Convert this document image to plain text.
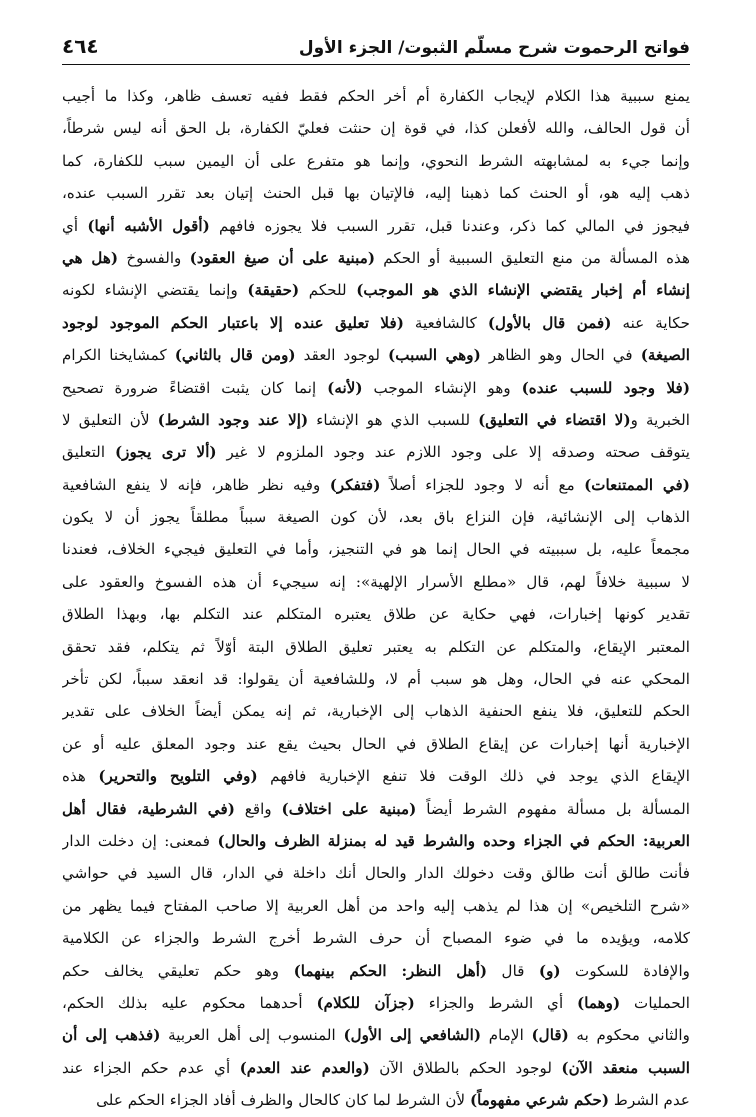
فواتح الرحموت شرح مسلّم الثبوت/ الجزء الأول
٤٦٤
يمنع سببية هذا الكلام لإيجاب الكفارة أم أخر الحكم فقط ففيه تعسف ظاهر، وكذا ما أجيب
أن قول الحالف، والله لأفعلن كذا، في قوة إن حنثت فعليّ الكفارة، بل الحق أنه ليس شرطاً،
وإنما جيء به لمشابهته الشرط النحوي، وإنما هو متفرع على أن اليمين سبب للكفارة، كما
ذهب إليه هو، أو الحنث كما ذهبنا إليه، فالإتيان بها قبل الحنث إتيان بعد تقرر السبب عنده،
فيجوز في المالي كما ذكر، وعندنا قبل، تقرر السبب فلا يجوزه فافهم (أقول الأشبه أنها) أي
هذه المسألة من منع التعليق السببية أو الحكم (مبنية على أن صيغ العقود) والفسوخ (هل هي
إنشاء أم إخبار يقتضي الإنشاء الذي هو الموجب) للحكم (حقيقة) وإنما يقتضي الإنشاء لكونه
حكاية عنه (فمن قال بالأول) كالشافعية (فلا تعليق عنده إلا باعتبار الحكم الموجود لوجود
الصيغة) في الحال وهو الظاهر (وهي السبب) لوجود العقد (ومن قال بالثاني) كمشايخنا الكرام
(فلا وجود للسبب عنده) وهو الإنشاء الموجب (لأنه) إنما كان يثبت اقتضاءً ضرورة تصحيح
الخبرية و(لا اقتضاء في التعليق) للسبب الذي هو الإنشاء (إلا عند وجود الشرط) لأن التعليق لا
يتوقف صحته وصدقه إلا على وجود اللازم عند وجود الملزوم لا غير (ألا ترى يجوز) التعليق
(في الممتنعات) مع أنه لا وجود للجزاء أصلاً (فتفكر) وفيه نظر ظاهر، فإنه لا ينفع الشافعية
الذهاب إلى الإنشائية، فإن النزاع باق بعد، لأن كون الصيغة سبباً مطلقاً يجوز أن لا يكون
مجمعاً عليه، بل سببيته في الحال إنما هو في التنجيز، وأما في التعليق فيجيء الخلاف، فعندنا
لا سببية خلافاً لهم، قال «مطلع الأسرار الإلهية»: إنه سيجيء أن هذه الفسوخ والعقود على
تقدير كونها إخبارات، فهي حكاية عن طلاق يعتبره المتكلم عند التكلم بها، وبهذا الطلاق
المعتبر الإيقاع، والمتكلم عن التكلم به يعتبر تعليق الطلاق البتة أوّلاً ثم يتكلم، فقد تحقق
المحكي عنه في الحال، وهل هو سبب أم لا، وللشافعية أن يقولوا: قد انعقد سبباً، لكن تأخر
الحكم للتعليق، فلا ينفع الحنفية الذهاب إلى الإخبارية، ثم إنه يمكن أيضاً الخلاف على تقدير
الإخبارية أنها إخبارات عن إيقاع الطلاق في الحال بحيث يقع عند وجود المعلق عليه أو عن
الإيقاع الذي يوجد في ذلك الوقت فلا تنفع الإخبارية فافهم (وفي التلويح والتحرير) هذه
المسألة بل مسألة مفهوم الشرط أيضاً (مبنية على اختلاف) واقع (في الشرطية، فقال أهل
العربية: الحكم في الجزاء وحده والشرط قيد له بمنزلة الظرف والحال) فمعنى: إن دخلت الدار
فأنت طالق أنت طالق وقت دخولك الدار والحال أنك داخلة في الدار، قال السيد في حواشي
«شرح التلخيص» إن هذا لم يذهب إليه واحد من أهل العربية إلا صاحب المفتاح فيما يظهر من
كلامه، ويؤيده ما في ضوء المصباح أن حرف الشرط أخرج الشرط والجزاء عن الكلامية
والإفادة للسكوت (و) قال (أهل النظر: الحكم بينهما) وهو حكم تعليقي يخالف حكم
الحمليات (وهما) أي الشرط والجزاء (جزآن للكلام) أحدهما محكوم عليه بذلك الحكم،
والثاني محكوم به (قال) الإمام (الشافعي إلى الأول) المنسوب إلى أهل العربية (فذهب إلى أن
السبب منعقد الآن) لوجود الحكم بالطلاق الآن (والعدم عند العدم) أي عدم حكم الجزاء عند
عدم الشرط (حكم شرعي مفهوماً) لأن الشرط لما كان كالحال والظرف أفاد الجزاء الحكم على
